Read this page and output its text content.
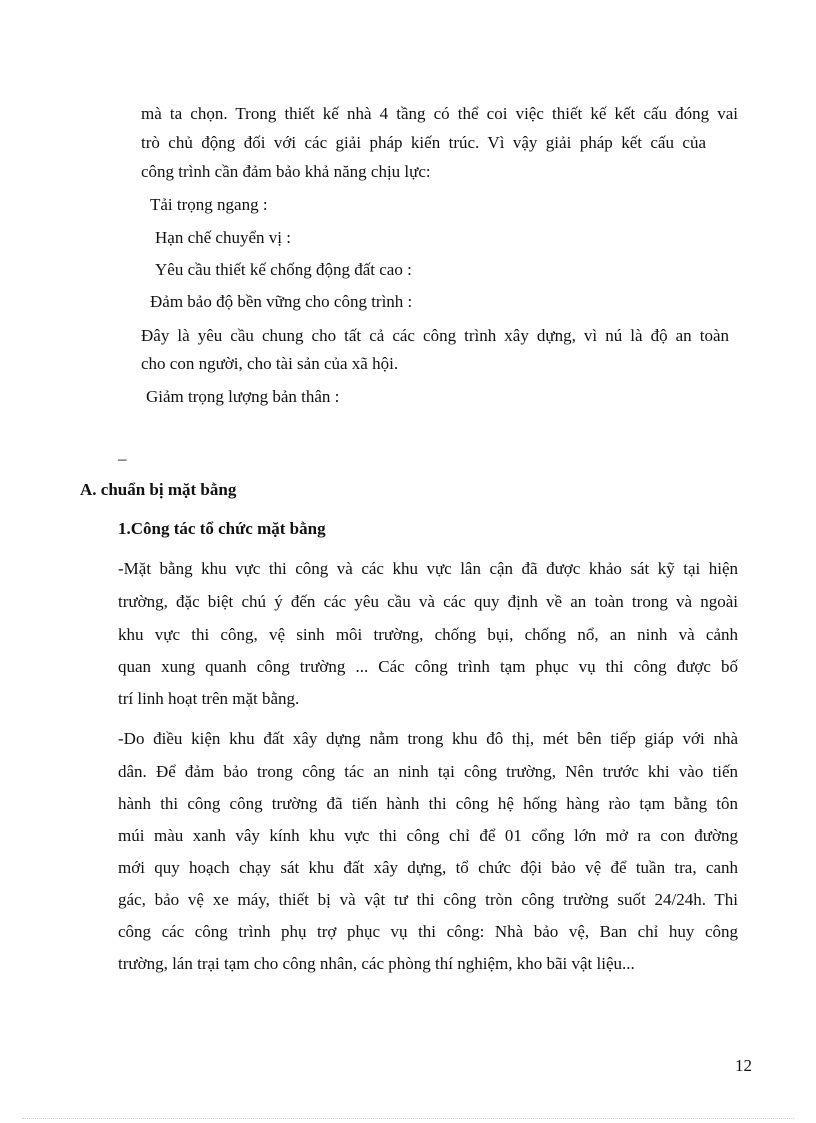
mà ta chọn. Trong thiết kế nhà 4 tầng có thể coi việc thiết kế kết cấu đóng vai
trò chủ động đối với các giải pháp kiến trúc. Vì vậy giải pháp kết cấu của
công trình cần đảm bảo khả năng chịu lực:
Tải trọng ngang :
Hạn chế chuyển vị :
Yêu cầu thiết kế chống động đất cao :
Đảm bảo độ bền vững cho công trình :
Đây là yêu cầu chung cho tất cả các công trình xây dựng, vì nú là độ an toàn
cho con người, cho tài sản của xã hội.
Giảm trọng lượng bản thân :
–
A. chuẩn bị mặt bằng
1.Công tác tổ chức mặt bằng
-Mặt bằng khu vực thi công và các khu vực lân cận đã được khảo sát kỹ tại hiện
trường, đặc biệt chú ý đến các yêu cầu và các quy định về an toàn trong và ngoài
khu vực thi công, vệ sinh môi trường, chống bụi, chống nổ, an ninh và cảnh
quan xung quanh công trường ... Các công trình tạm phục vụ thi công được bố
trí linh hoạt trên mặt bằng.
-Do điều kiện khu đất xây dựng nằm trong khu đô thị, mét bên tiếp giáp với nhà
dân. Để đảm bảo trong công tác an ninh tại công trường, Nên trước khi vào tiến
hành thi công công trường đã tiến hành thi công hệ hống hàng rào tạm bằng tôn
múi màu xanh vây kính khu vực thi công chỉ để 01 cổng lớn mở ra con đường
mới quy hoạch chạy sát khu đất xây dựng, tổ chức đội bảo vệ để tuần tra, canh
gác, bảo vệ xe máy, thiết bị và vật tư thi công tròn công trường suốt 24/24h. Thi
công các công trình phụ trợ phục vụ thi công: Nhà bảo vệ, Ban chỉ huy công
trường, lán trại tạm cho công nhân, các phòng thí nghiệm, kho bãi vật liệu...
12
